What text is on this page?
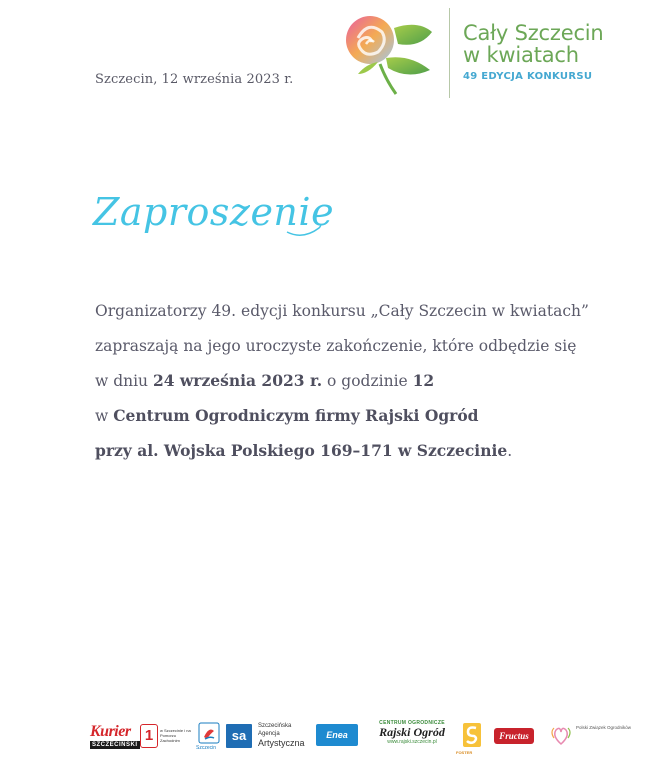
Szczecin, 12 września 2023 r.
Cały Szczecin
w kwiatach
49 EDYCJA KONKURSU
Zaproszenie

Organizatorzy 49. edycji konkursu „Cały Szczecin w kwiatach”

zapraszają na jego uroczyste zakończenie, które odbędzie się

w dniu 24 września 2023 r. o godzinie 12

w Centrum Ogrodniczym firmy Rajski Ogród

przy al. Wojska Polskiego 169–171 w Szczecinie.

Kurier
SZCZECIŃSKI
1	w Szczecinie i na Pomorzu Zachodnim
Szczecin
sa
Szczecińska
Agencja
Artystyczna
Enea
CENTRUM OGRODNICZE
Rajski Ogród
www.rajski.szczecin.pl
FOSTER
Fructus
Polski Związek Ogrodników
